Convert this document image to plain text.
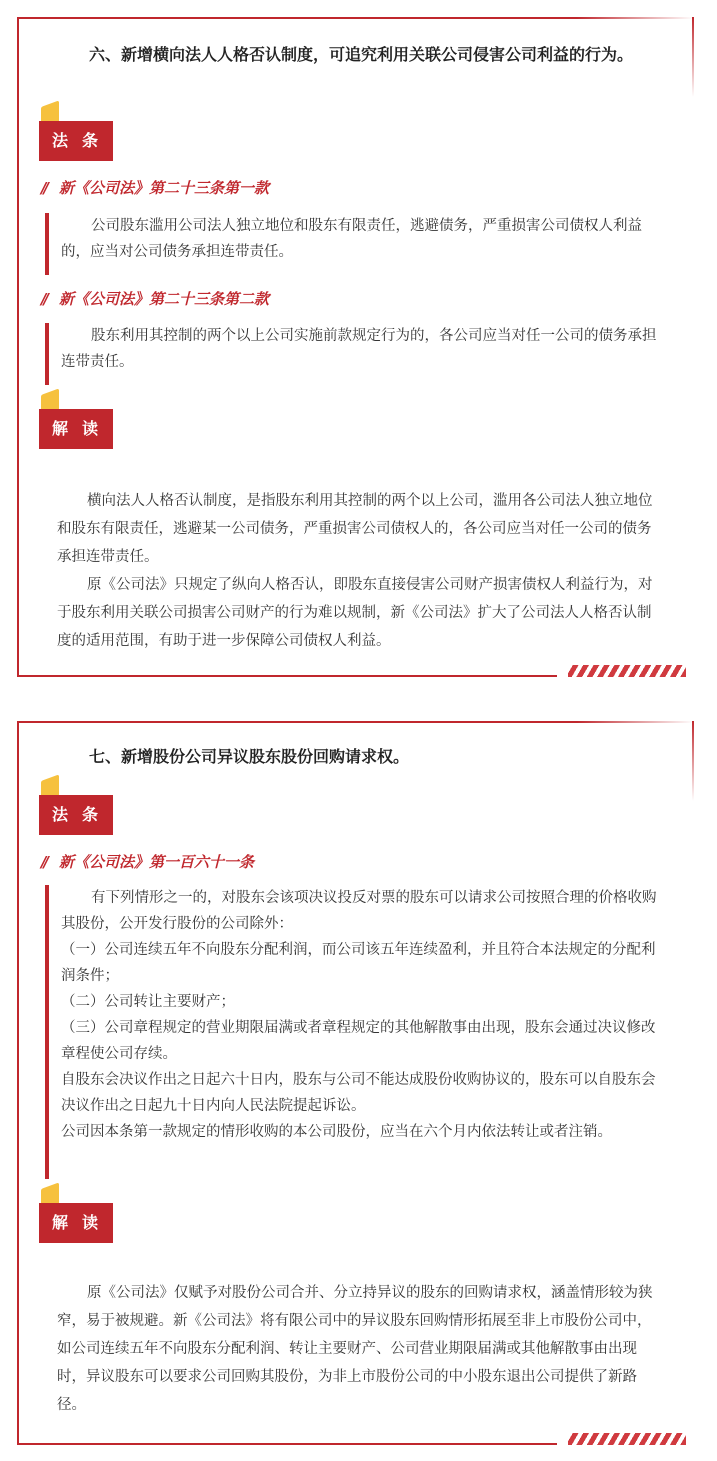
六、新增横向法人人格否认制度，可追究利用关联公司侵害公司利益的行为。
法条
// 新《公司法》第二十三条第一款

公司股东滥用公司法人独立地位和股东有限责任，逃避债务，严重损害公司债权人利益的，应当对公司债务承担连带责任。

// 新《公司法》第二十三条第二款

股东利用其控制的两个以上公司实施前款规定行为的，各公司应当对任一公司的债务承担连带责任。

解读

横向法人人格否认制度，是指股东利用其控制的两个以上公司，滥用各公司法人独立地位和股东有限责任，逃避某一公司债务，严重损害公司债权人的，各公司应当对任一公司的债务承担连带责任。

原《公司法》只规定了纵向人格否认，即股东直接侵害公司财产损害债权人利益行为，对于股东利用关联公司损害公司财产的行为难以规制，新《公司法》扩大了公司法人人格否认制度的适用范围，有助于进一步保障公司债权人利益。

七、新增股份公司异议股东股份回购请求权。
法条
// 新《公司法》第一百六十一条

有下列情形之一的，对股东会该项决议投反对票的股东可以请求公司按照合理的价格收购其股份，公开发行股份的公司除外：

（一）公司连续五年不向股东分配利润，而公司该五年连续盈利，并且符合本法规定的分配利润条件；

（二）公司转让主要财产；

（三）公司章程规定的营业期限届满或者章程规定的其他解散事由出现，股东会通过决议修改章程使公司存续。

自股东会决议作出之日起六十日内，股东与公司不能达成股份收购协议的，股东可以自股东会决议作出之日起九十日内向人民法院提起诉讼。

公司因本条第一款规定的情形收购的本公司股份，应当在六个月内依法转让或者注销。

解读

原《公司法》仅赋予对股份公司合并、分立持异议的股东的回购请求权，涵盖情形较为狭窄，易于被规避。新《公司法》将有限公司中的异议股东回购情形拓展至非上市股份公司中，如公司连续五年不向股东分配利润、转让主要财产、公司营业期限届满或其他解散事由出现时，异议股东可以要求公司回购其股份，为非上市股份公司的中小股东退出公司提供了新路径。
